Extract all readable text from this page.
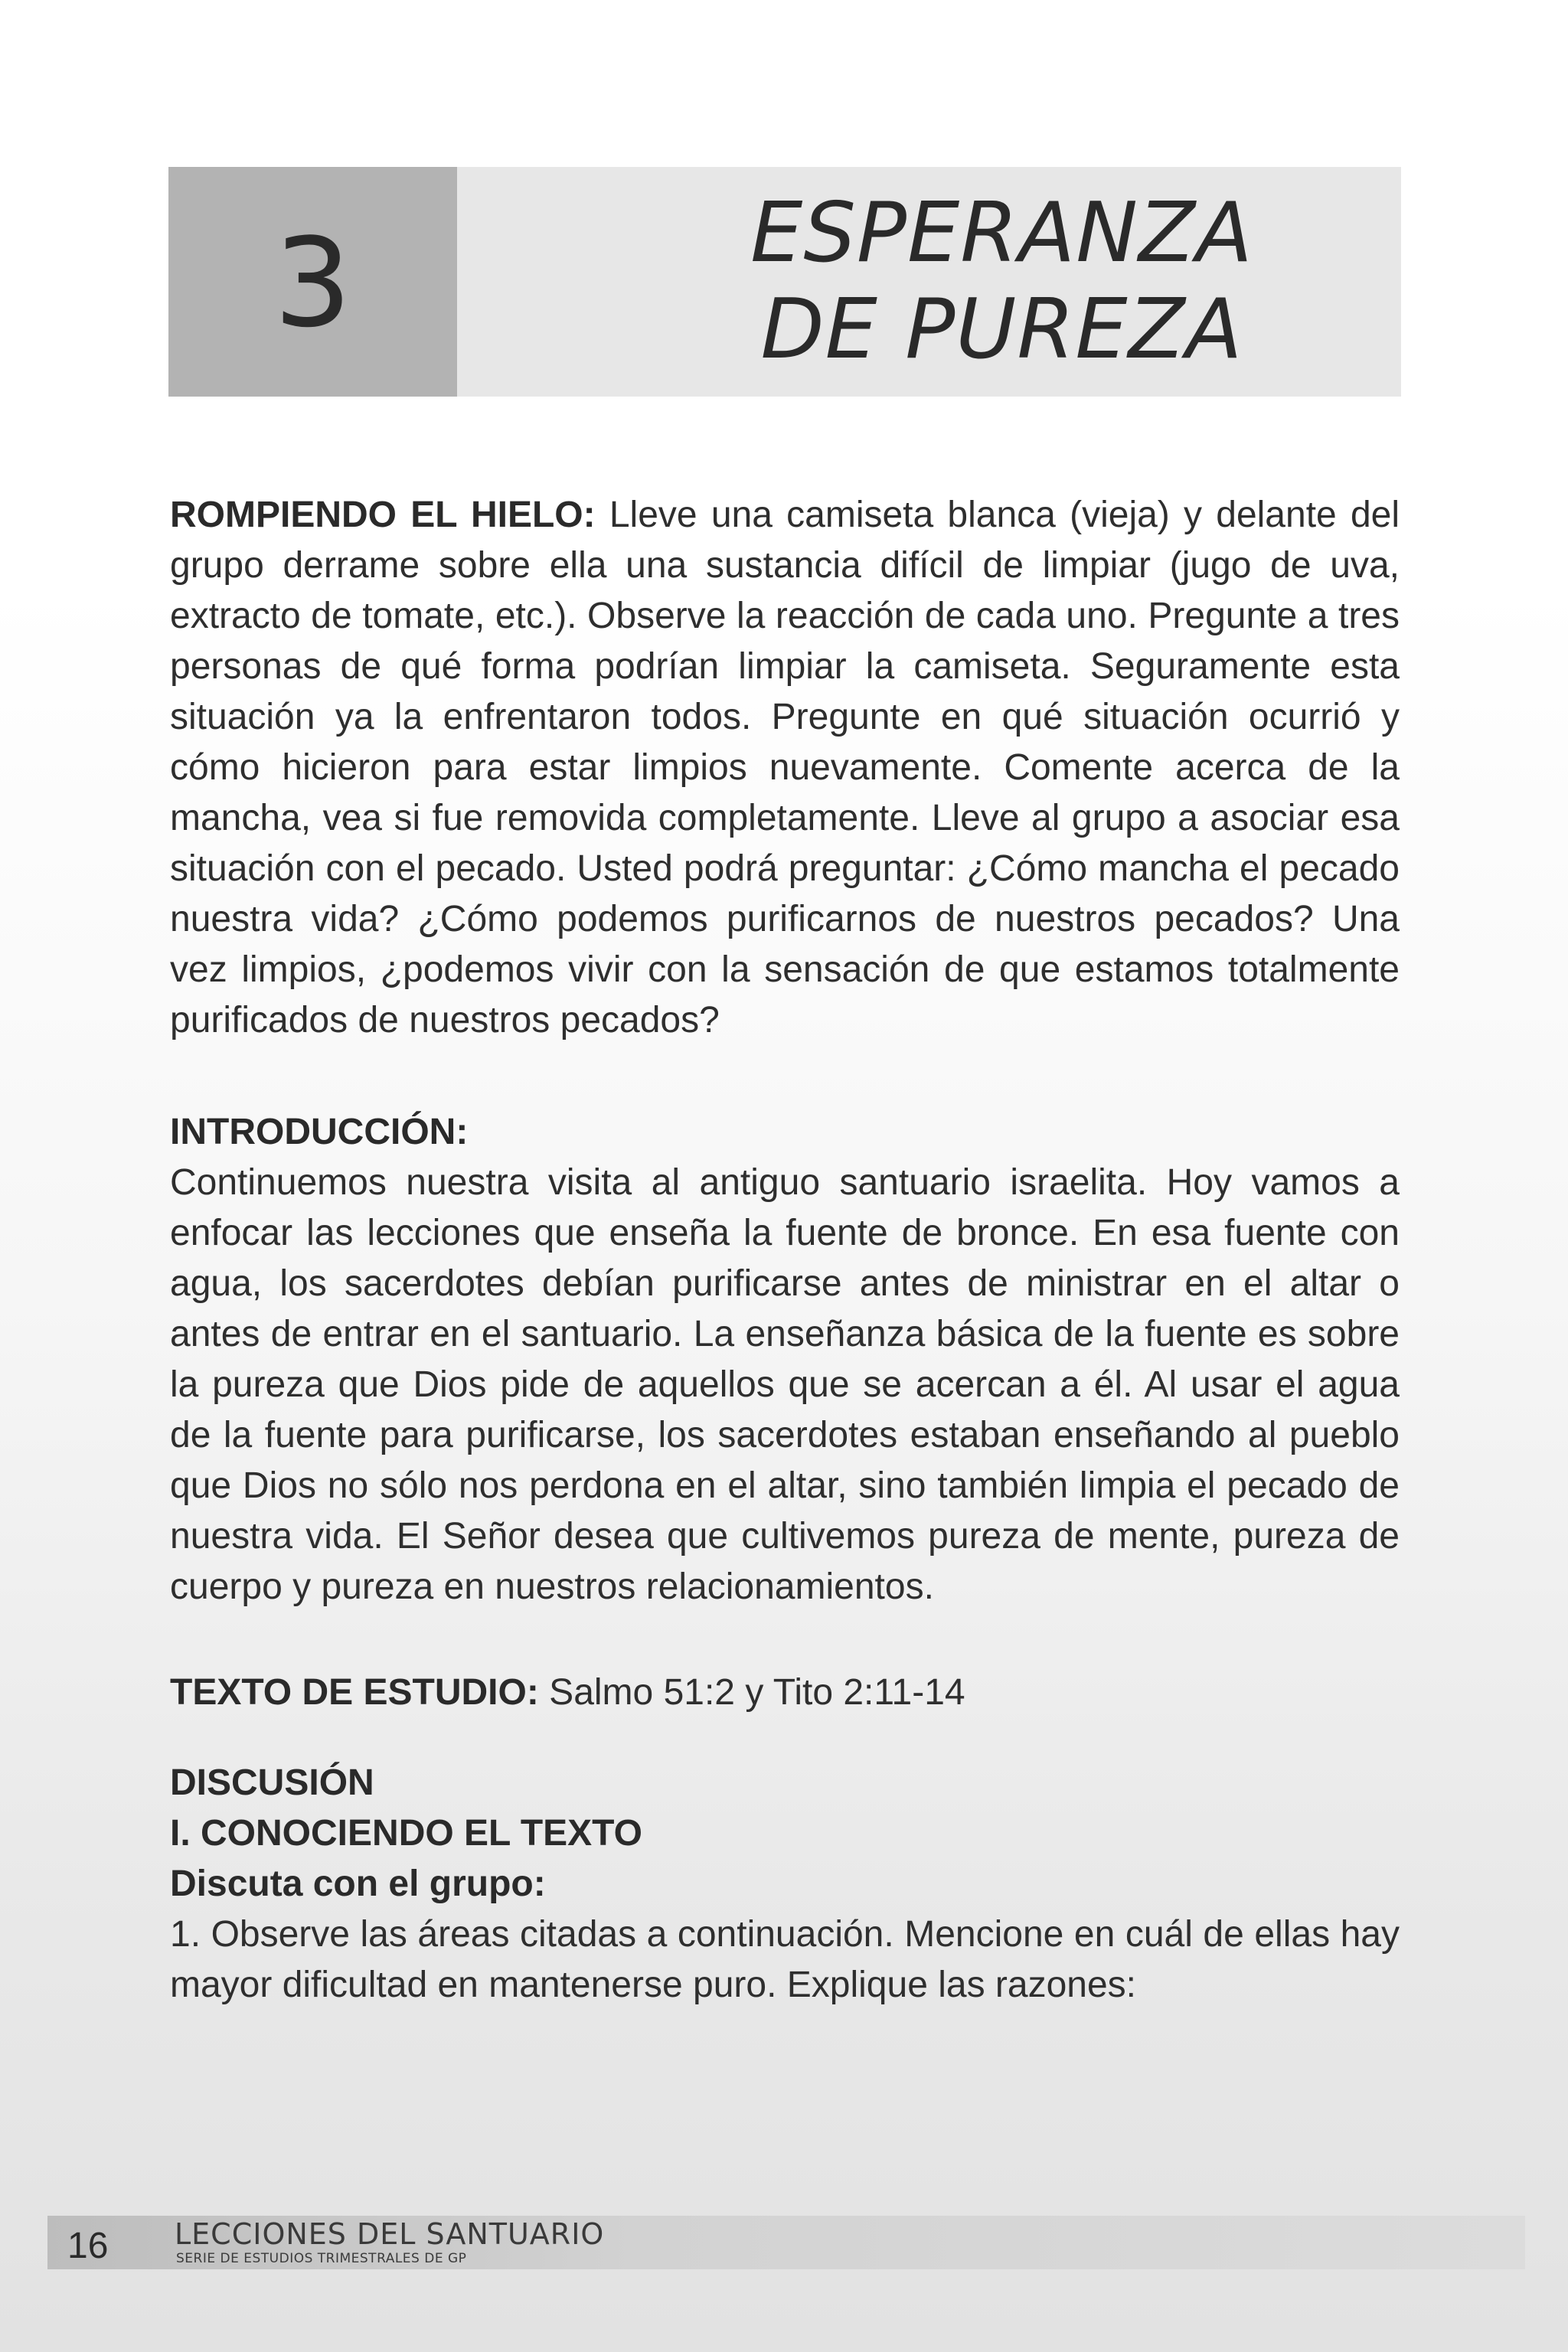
3	ESPERANZA
DE PUREZA

ROMPIENDO EL HIELO: Lleve una camiseta blanca (vieja) y delante del grupo derrame sobre ella una sustancia difícil de limpiar (jugo de uva, extracto de tomate, etc.). Observe la reacción de cada uno. Pregunte a tres personas de qué forma podrían limpiar la camiseta. Seguramente esta situación ya la enfrentaron todos. Pregunte en qué situación ocurrió y cómo hicieron para estar limpios nuevamente. Comente acerca de la mancha, vea si fue removida completamente. Lleve al grupo a asociar esa situación con el pecado. Usted podrá preguntar: ¿Cómo mancha el pecado nuestra vida? ¿Cómo podemos purificarnos de nuestros pecados? Una vez limpios, ¿podemos vivir con la sensación de que estamos totalmente purificados de nuestros pecados?

INTRODUCCIÓN:

Continuemos nuestra visita al antiguo santuario israelita. Hoy vamos a enfocar las lecciones que enseña la fuente de bronce. En esa fuente con agua, los sacerdotes debían purificarse antes de ministrar en el altar o antes de entrar en el santuario. La enseñanza básica de la fuente es sobre la pureza que Dios pide de aquellos que se acercan a él. Al usar el agua de la fuente para purificarse, los sacerdotes estaban enseñando al pueblo que Dios no sólo nos perdona en el altar, sino también limpia el pecado de nuestra vida. El Señor desea que cultivemos pureza de mente, pureza de cuerpo y pureza en nuestros relacionamientos.

TEXTO DE ESTUDIO: Salmo 51:2 y Tito 2:11-14

DISCUSIÓN

I. CONOCIENDO EL TEXTO

Discuta con el grupo:

1. Observe las áreas citadas a continuación. Mencione en cuál de ellas hay mayor dificultad en mantenerse puro. Explique las razones:

16 LECCIONES DEL SANTUARIO
SERIE DE ESTUDIOS TRIMESTRALES DE GP
